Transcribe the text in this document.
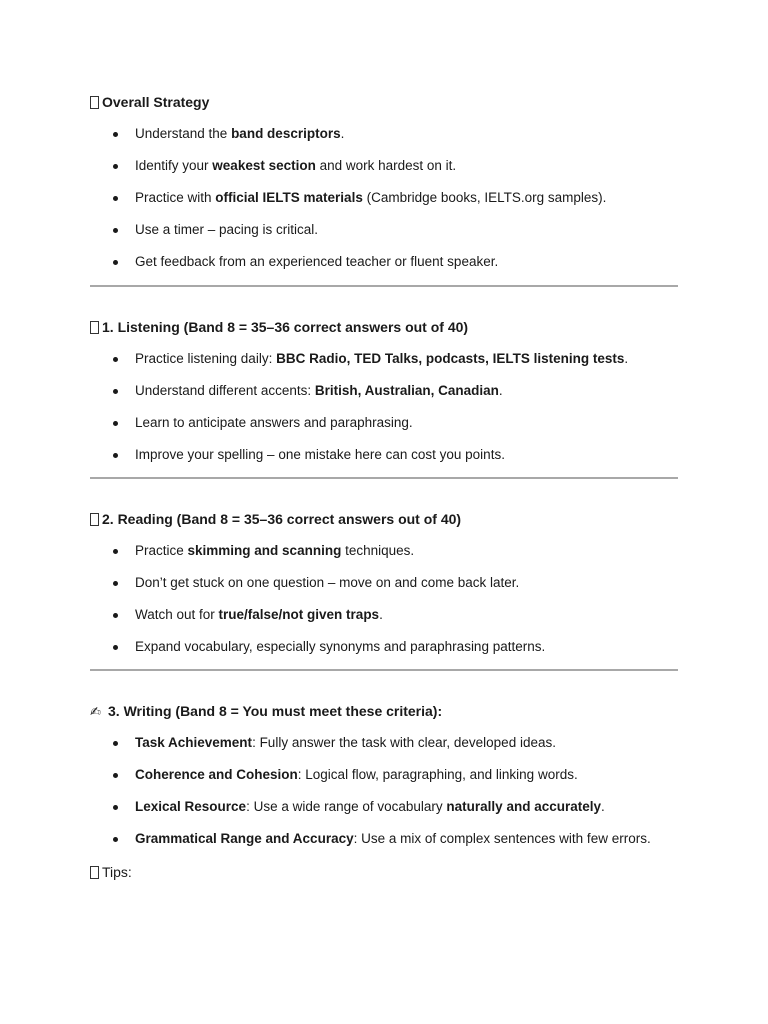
Overall Strategy
Understand the band descriptors.
Identify your weakest section and work hardest on it.
Practice with official IELTS materials (Cambridge books, IELTS.org samples).
Use a timer – pacing is critical.
Get feedback from an experienced teacher or fluent speaker.
1. Listening (Band 8 = 35–36 correct answers out of 40)
Practice listening daily: BBC Radio, TED Talks, podcasts, IELTS listening tests.
Understand different accents: British, Australian, Canadian.
Learn to anticipate answers and paraphrasing.
Improve your spelling – one mistake here can cost you points.
2. Reading (Band 8 = 35–36 correct answers out of 40)
Practice skimming and scanning techniques.
Don’t get stuck on one question – move on and come back later.
Watch out for true/false/not given traps.
Expand vocabulary, especially synonyms and paraphrasing patterns.
✍ 3. Writing (Band 8 = You must meet these criteria):
Task Achievement: Fully answer the task with clear, developed ideas.
Coherence and Cohesion: Logical flow, paragraphing, and linking words.
Lexical Resource: Use a wide range of vocabulary naturally and accurately.
Grammatical Range and Accuracy: Use a mix of complex sentences with few errors.
Tips:
